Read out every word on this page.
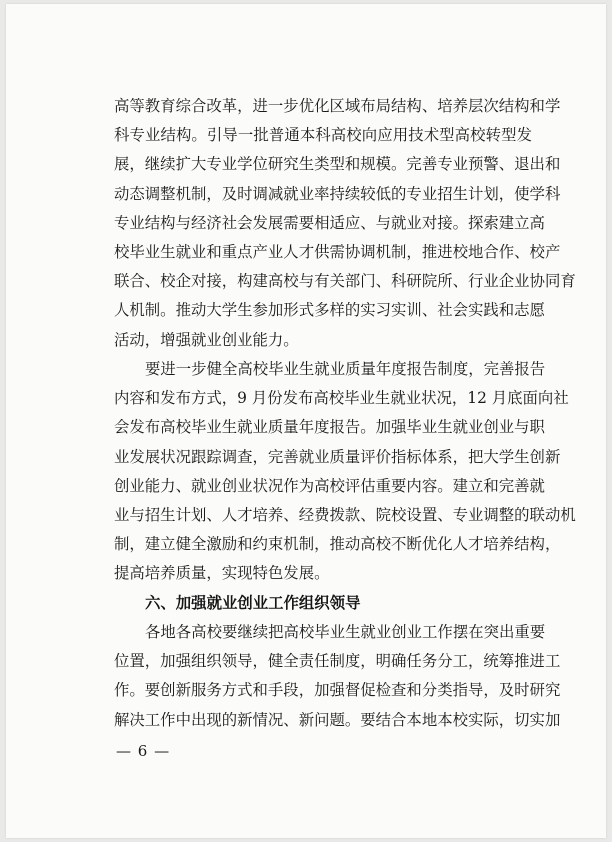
高等教育综合改革，进一步优化区域布局结构、培养层次结构和学
科专业结构。引导一批普通本科高校向应用技术型高校转型发
展，继续扩大专业学位研究生类型和规模。完善专业预警、退出和
动态调整机制，及时调减就业率持续较低的专业招生计划，使学科
专业结构与经济社会发展需要相适应、与就业对接。探索建立高
校毕业生就业和重点产业人才供需协调机制，推进校地合作、校产
联合、校企对接，构建高校与有关部门、科研院所、行业企业协同育
人机制。推动大学生参加形式多样的实习实训、社会实践和志愿
活动，增强就业创业能力。
要进一步健全高校毕业生就业质量年度报告制度，完善报告
内容和发布方式，9 月份发布高校毕业生就业状况，12 月底面向社
会发布高校毕业生就业质量年度报告。加强毕业生就业创业与职
业发展状况跟踪调查，完善就业质量评价指标体系，把大学生创新
创业能力、就业创业状况作为高校评估重要内容。建立和完善就
业与招生计划、人才培养、经费拨款、院校设置、专业调整的联动机
制，建立健全激励和约束机制，推动高校不断优化人才培养结构，
提高培养质量，实现特色发展。
六、加强就业创业工作组织领导
各地各高校要继续把高校毕业生就业创业工作摆在突出重要
位置，加强组织领导，健全责任制度，明确任务分工，统筹推进工
作。要创新服务方式和手段，加强督促检查和分类指导，及时研究
解决工作中出现的新情况、新问题。要结合本地本校实际，切实加
— 6 —
